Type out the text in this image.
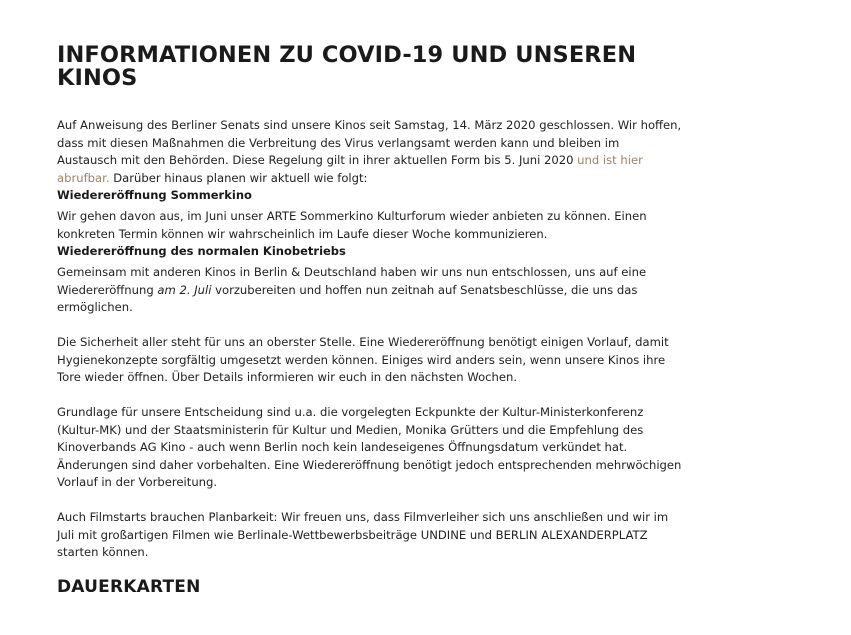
INFORMATIONEN ZU COVID-19 UND UNSEREN KINOS

Auf Anweisung des Berliner Senats sind unsere Kinos seit Samstag, 14. März 2020 geschlossen. Wir hoffen, dass mit diesen Maßnahmen die Verbreitung des Virus verlangsamt werden kann und bleiben im Austausch mit den Behörden. Diese Regelung gilt in ihrer aktuellen Form bis 5. Juni 2020 und ist hier abrufbar. Darüber hinaus planen wir aktuell wie folgt:

Wiedereröffnung Sommerkino

Wir gehen davon aus, im Juni unser ARTE Sommerkino Kulturforum wieder anbieten zu können. Einen konkreten Termin können wir wahrscheinlich im Laufe dieser Woche kommunizieren.

Wiedereröffnung des normalen Kinobetriebs

Gemeinsam mit anderen Kinos in Berlin & Deutschland haben wir uns nun entschlossen, uns auf eine Wiedereröffnung am 2. Juli vorzubereiten und hoffen nun zeitnah auf Senatsbeschlüsse, die uns das ermöglichen.

Die Sicherheit aller steht für uns an oberster Stelle. Eine Wiedereröffnung benötigt einigen Vorlauf, damit Hygienekonzepte sorgfältig umgesetzt werden können. Einiges wird anders sein, wenn unsere Kinos ihre Tore wieder öffnen. Über Details informieren wir euch in den nächsten Wochen.

Grundlage für unsere Entscheidung sind u.a. die vorgelegten Eckpunkte der Kultur-Ministerkonferenz (Kultur-MK) und der Staatsministerin für Kultur und Medien, Monika Grütters und die Empfehlung des Kinoverbands AG Kino - auch wenn Berlin noch kein landeseigenes Öffnungsdatum verkündet hat. Änderungen sind daher vorbehalten. Eine Wiedereröffnung benötigt jedoch entsprechenden mehrwöchigen Vorlauf in der Vorbereitung.

Auch Filmstarts brauchen Planbarkeit: Wir freuen uns, dass Filmverleiher sich uns anschließen und wir im Juli mit großartigen Filmen wie Berlinale-Wettbewerbsbeiträge UNDINE und BERLIN ALEXANDERPLATZ starten können.

DAUERKARTEN
